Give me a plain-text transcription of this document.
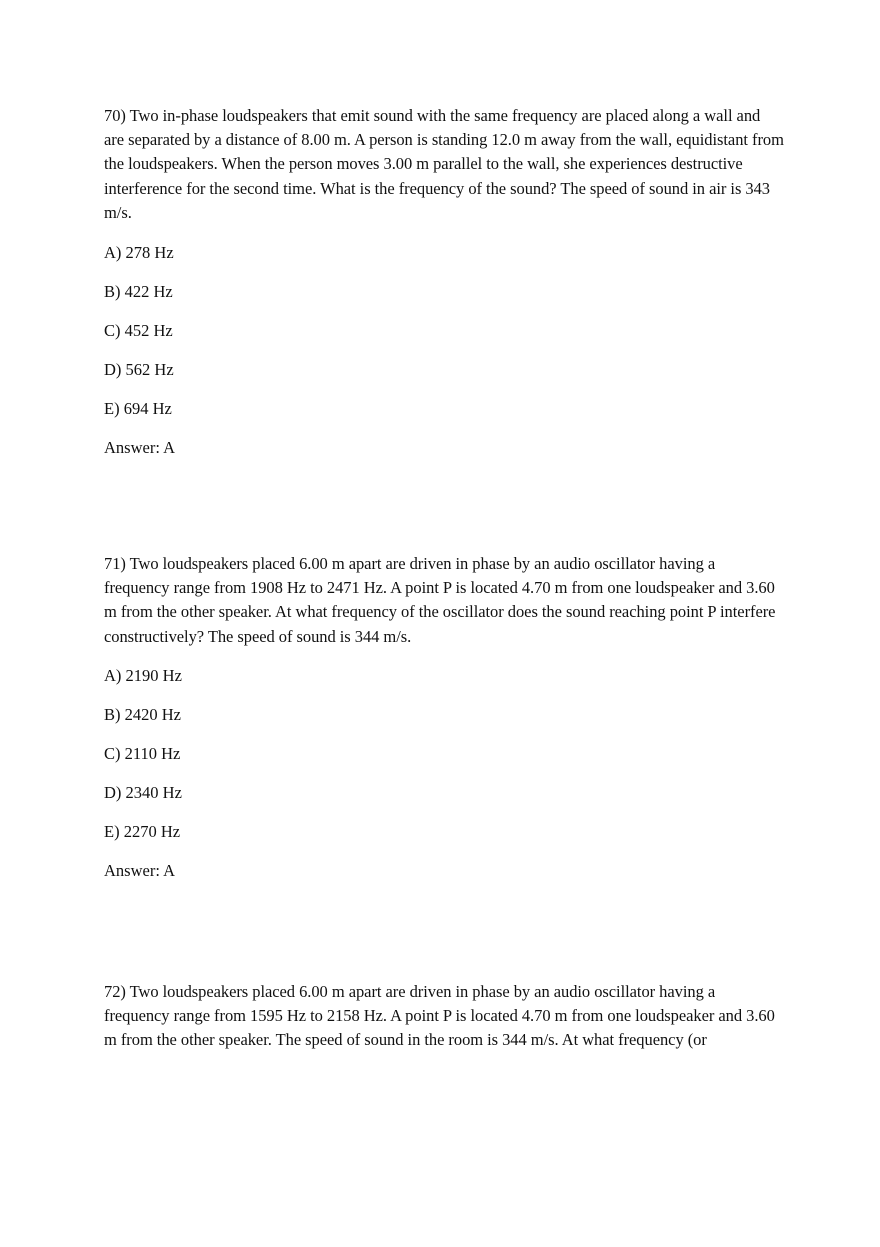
70) Two in-phase loudspeakers that emit sound with the same frequency are placed along a wall and are separated by a distance of 8.00 m. A person is standing 12.0 m away from the wall, equidistant from the loudspeakers. When the person moves 3.00 m parallel to the wall, she experiences destructive interference for the second time. What is the frequency of the sound? The speed of sound in air is 343 m/s.

A) 278 Hz

B) 422 Hz

C) 452 Hz

D) 562 Hz

E) 694 Hz

Answer: A

71) Two loudspeakers placed 6.00 m apart are driven in phase by an audio oscillator having a frequency range from 1908 Hz to 2471 Hz. A point P is located 4.70 m from one loudspeaker and 3.60 m from the other speaker. At what frequency of the oscillator does the sound reaching point P interfere constructively? The speed of sound is 344 m/s.

A) 2190 Hz

B) 2420 Hz

C) 2110 Hz

D) 2340 Hz

E) 2270 Hz

Answer: A

72) Two loudspeakers placed 6.00 m apart are driven in phase by an audio oscillator having a frequency range from 1595 Hz to 2158 Hz. A point P is located 4.70 m from one loudspeaker and 3.60 m from the other speaker. The speed of sound in the room is 344 m/s. At what frequency (or
